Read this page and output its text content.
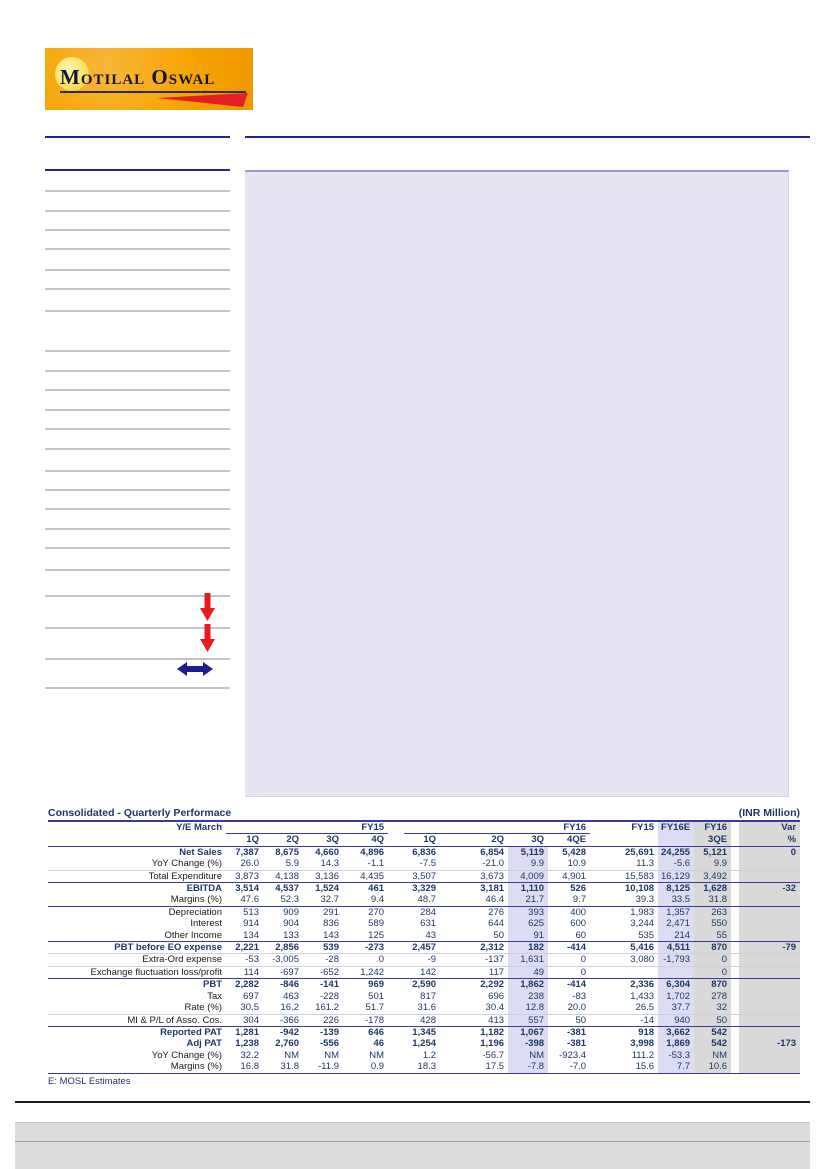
Motilal Oswal
Consolidated - Quarterly Performace	(INR Million)
Y/E March	FY15					FY16				FY15	FY16E	FY16		Var
	1Q	2Q	3Q	4Q		1Q	2Q	3Q	4QE			3QE		%
Net Sales	7,387	8,675	4,660	4,896		6,836	6,854	5,119	5,428	25,691	24,255	5,121		0
YoY Change (%)	26.0	5.9	14.3	-1.1		-7.5	-21.0	9.9	10.9	11.3	-5.6	9.9		
Total Expenditure	3,873	4,138	3,136	4,435		3,507	3,673	4,009	4,901	15,583	16,129	3,492		
EBITDA	3,514	4,537	1,524	461		3,329	3,181	1,110	526	10,108	8,125	1,628		-32
Margins (%)	47.6	52.3	32.7	9.4		48.7	46.4	21.7	9.7	39.3	33.5	31.8		
Depreciation	513	909	291	270		284	276	393	400	1,983	1,357	263		
Interest	914	904	836	589		631	644	625	600	3,244	2,471	550		
Other Income	134	133	143	125		43	50	91	60	535	214	55		
PBT before EO expense	2,221	2,856	539	-273		2,457	2,312	182	-414	5,416	4,511	870		-79
Extra-Ord expense	-53	-3,005	-28	0		-9	-137	1,631	0	3,080	-1,793	0		
Exchange fluctuation loss/profit	114	-697	-652	1,242		142	117	49	0			0		
PBT	2,282	-846	-141	969		2,590	2,292	1,862	-414	2,336	6,304	870		
Tax	697	463	-228	501		817	696	238	-83	1,433	1,702	278		
Rate (%)	30.5	16.2	161.2	51.7		31.6	30.4	12.8	20.0	26.5	37.7	32		
MI & P/L of Asso. Cos.	304	-366	226	-178		428	413	557	50	-14	940	50		
Reported PAT	1,281	-942	-139	646		1,345	1,182	1,067	-381	918	3,662	542		
Adj PAT	1,238	2,760	-556	46		1,254	1,196	-398	-381	3,998	1,869	542		-173
YoY Change (%)	32.2	NM	NM	NM		1.2	-56.7	NM	-923.4	111.2	-53.3	NM		
Margins (%)	16.8	31.8	-11.9	0.9		18.3	17.5	-7.8	-7.0	15.6	7.7	10.6		
E: MOSL Estimates
